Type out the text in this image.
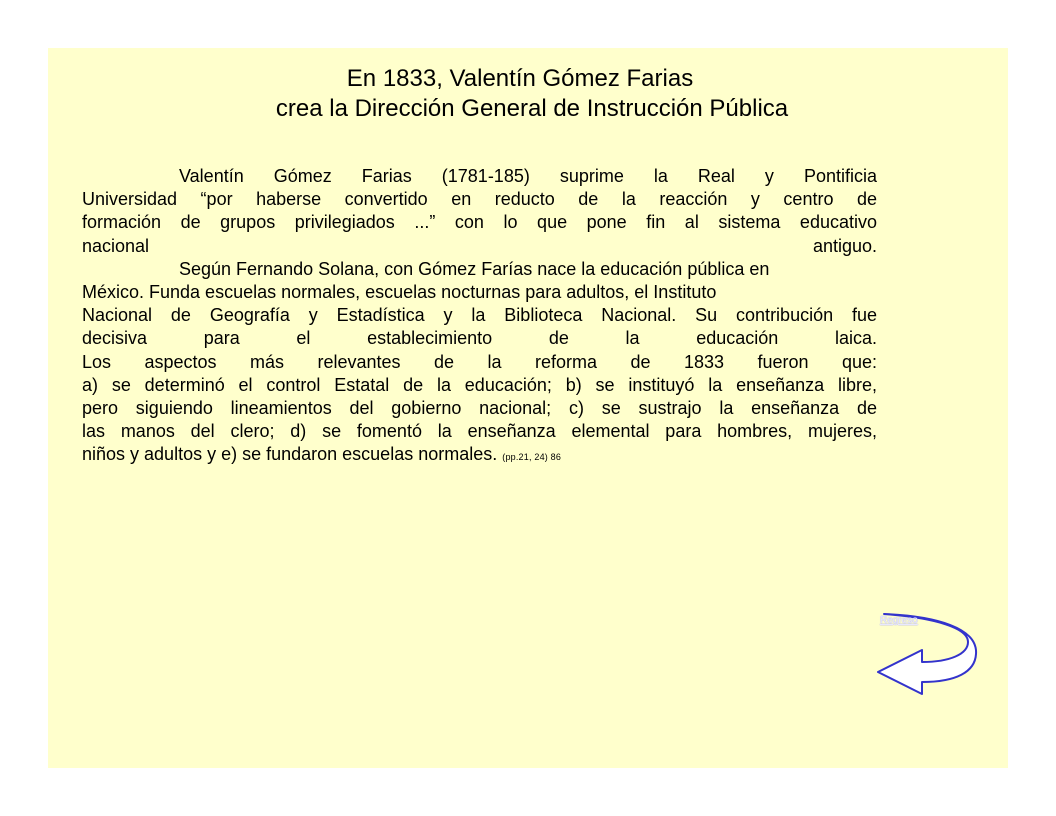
En 1833, Valentín Gómez Farias
crea la Dirección General de Instrucción Pública
Valentín Gómez Farias (1781-185) suprime la Real y Pontificia
Universidad “por haberse convertido en reducto de la reacción y centro de
formación de grupos privilegiados ...” con lo que pone fin al sistema educativo
nacional antiguo.
Según Fernando Solana, con Gómez Farías nace la educación pública en
México. Funda escuelas normales, escuelas nocturnas para adultos, el Instituto
Nacional de Geografía y Estadística y la Biblioteca Nacional. Su contribución fue
decisiva para el establecimiento de la educación laica.
Los aspectos más relevantes de la reforma de 1833 fueron que:
a) se determinó el control Estatal de la educación; b) se instituyó la enseñanza libre,
pero siguiendo lineamientos del gobierno nacional; c) se sustrajo la enseñanza de
las manos del clero; d) se fomentó la enseñanza elemental para hombres, mujeres,
niños y adultos y e) se fundaron escuelas normales. (pp.21, 24) 86
Regreso
